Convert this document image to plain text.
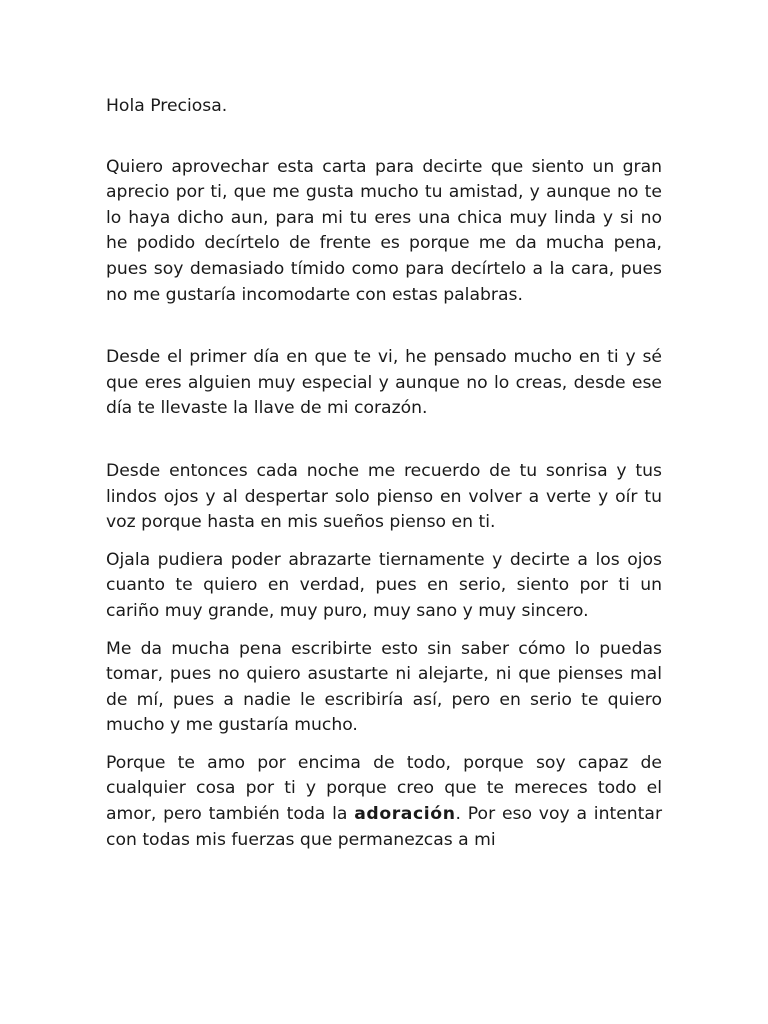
Hola Preciosa.

Quiero aprovechar esta carta para decirte que siento un gran aprecio por ti, que me gusta mucho tu amistad, y aunque no te lo haya dicho aun, para mi tu eres una chica muy linda y si no he podido decírtelo de frente es porque me da mucha pena, pues soy demasiado tímido como para decírtelo a la cara, pues no me gustaría incomodarte con estas palabras.

Desde el primer día en que te vi, he pensado mucho en ti y sé que eres alguien muy especial y aunque no lo creas, desde ese día te llevaste la llave de mi corazón.

Desde entonces cada noche me recuerdo de tu sonrisa y tus lindos ojos y al despertar solo pienso en volver a verte y oír tu voz porque hasta en mis sueños pienso en ti.

Ojala pudiera poder abrazarte tiernamente y decirte a los ojos cuanto te quiero en verdad, pues en serio, siento por ti un cariño muy grande, muy puro, muy sano y muy sincero.

Me da mucha pena escribirte esto sin saber cómo lo puedas tomar, pues no quiero asustarte ni alejarte, ni que pienses mal de mí, pues a nadie le escribiría así, pero en serio te quiero mucho y me gustaría mucho.

Porque te amo por encima de todo, porque soy capaz de cualquier cosa por ti y porque creo que te mereces todo el amor, pero también toda la adoración. Por eso voy a intentar con todas mis fuerzas que permanezcas a mi
